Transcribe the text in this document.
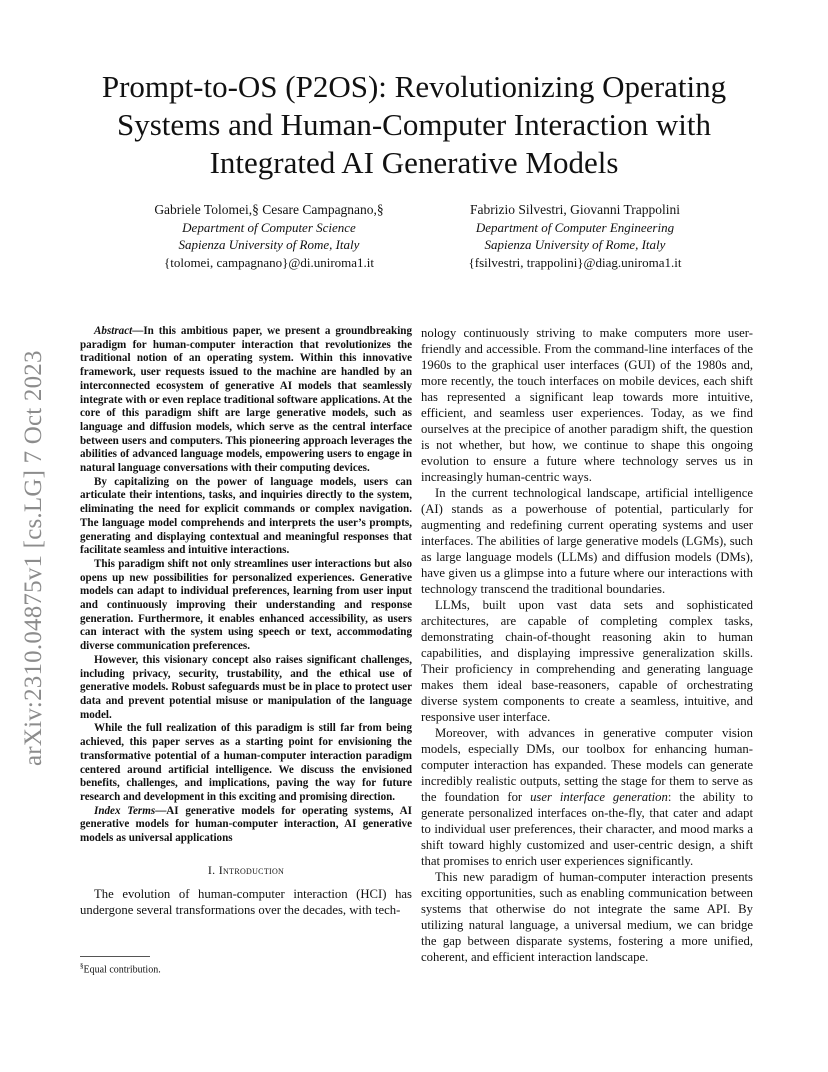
arXiv:2310.04875v1 [cs.LG] 7 Oct 2023
Prompt-to-OS (P2OS): Revolutionizing Operating Systems and Human-Computer Interaction with Integrated AI Generative Models
Gabriele Tolomei,§ Cesare Campagnano,§
Department of Computer Science
Sapienza University of Rome, Italy
{tolomei, campagnano}@di.uniroma1.it
Fabrizio Silvestri, Giovanni Trappolini
Department of Computer Engineering
Sapienza University of Rome, Italy
{fsilvestri, trappolini}@diag.uniroma1.it

Abstract—In this ambitious paper, we present a groundbreaking paradigm for human-computer interaction that revolutionizes the traditional notion of an operating system. Within this innovative framework, user requests issued to the machine are handled by an interconnected ecosystem of generative AI models that seamlessly integrate with or even replace traditional software applications. At the core of this paradigm shift are large generative models, such as language and diffusion models, which serve as the central interface between users and computers. This pioneering approach leverages the abilities of advanced language models, empowering users to engage in natural language conversations with their computing devices.

By capitalizing on the power of language models, users can articulate their intentions, tasks, and inquiries directly to the system, eliminating the need for explicit commands or complex navigation. The language model comprehends and interprets the user’s prompts, generating and displaying contextual and meaningful responses that facilitate seamless and intuitive interactions.

This paradigm shift not only streamlines user interactions but also opens up new possibilities for personalized experiences. Generative models can adapt to individual preferences, learning from user input and continuously improving their understanding and response generation. Furthermore, it enables enhanced accessibility, as users can interact with the system using speech or text, accommodating diverse communication preferences.

However, this visionary concept also raises significant challenges, including privacy, security, trustability, and the ethical use of generative models. Robust safeguards must be in place to protect user data and prevent potential misuse or manipulation of the language model.

While the full realization of this paradigm is still far from being achieved, this paper serves as a starting point for envisioning the transformative potential of a human-computer interaction paradigm centered around artificial intelligence. We discuss the envisioned benefits, challenges, and implications, paving the way for future research and development in this exciting and promising direction.

Index Terms—AI generative models for operating systems, AI generative models for human-computer interaction, AI generative models as universal applications

I. Introduction

The evolution of human-computer interaction (HCI) has undergone several transformations over the decades, with tech-

§Equal contribution.

nology continuously striving to make computers more user-friendly and accessible. From the command-line interfaces of the 1960s to the graphical user interfaces (GUI) of the 1980s and, more recently, the touch interfaces on mobile devices, each shift has represented a significant leap towards more intuitive, efficient, and seamless user experiences. Today, as we find ourselves at the precipice of another paradigm shift, the question is not whether, but how, we continue to shape this ongoing evolution to ensure a future where technology serves us in increasingly human-centric ways.

In the current technological landscape, artificial intelligence (AI) stands as a powerhouse of potential, particularly for augmenting and redefining current operating systems and user interfaces. The abilities of large generative models (LGMs), such as large language models (LLMs) and diffusion models (DMs), have given us a glimpse into a future where our interactions with technology transcend the traditional boundaries.

LLMs, built upon vast data sets and sophisticated architectures, are capable of completing complex tasks, demonstrating chain-of-thought reasoning akin to human capabilities, and displaying impressive generalization skills. Their proficiency in comprehending and generating language makes them ideal base-reasoners, capable of orchestrating diverse system components to create a seamless, intuitive, and responsive user interface.

Moreover, with advances in generative computer vision models, especially DMs, our toolbox for enhancing human-computer interaction has expanded. These models can generate incredibly realistic outputs, setting the stage for them to serve as the foundation for user interface generation: the ability to generate personalized interfaces on-the-fly, that cater and adapt to individual user preferences, their character, and mood marks a shift toward highly customized and user-centric design, a shift that promises to enrich user experiences significantly.

This new paradigm of human-computer interaction presents exciting opportunities, such as enabling communication between systems that otherwise do not integrate the same API. By utilizing natural language, a universal medium, we can bridge the gap between disparate systems, fostering a more unified, coherent, and efficient interaction landscape.
